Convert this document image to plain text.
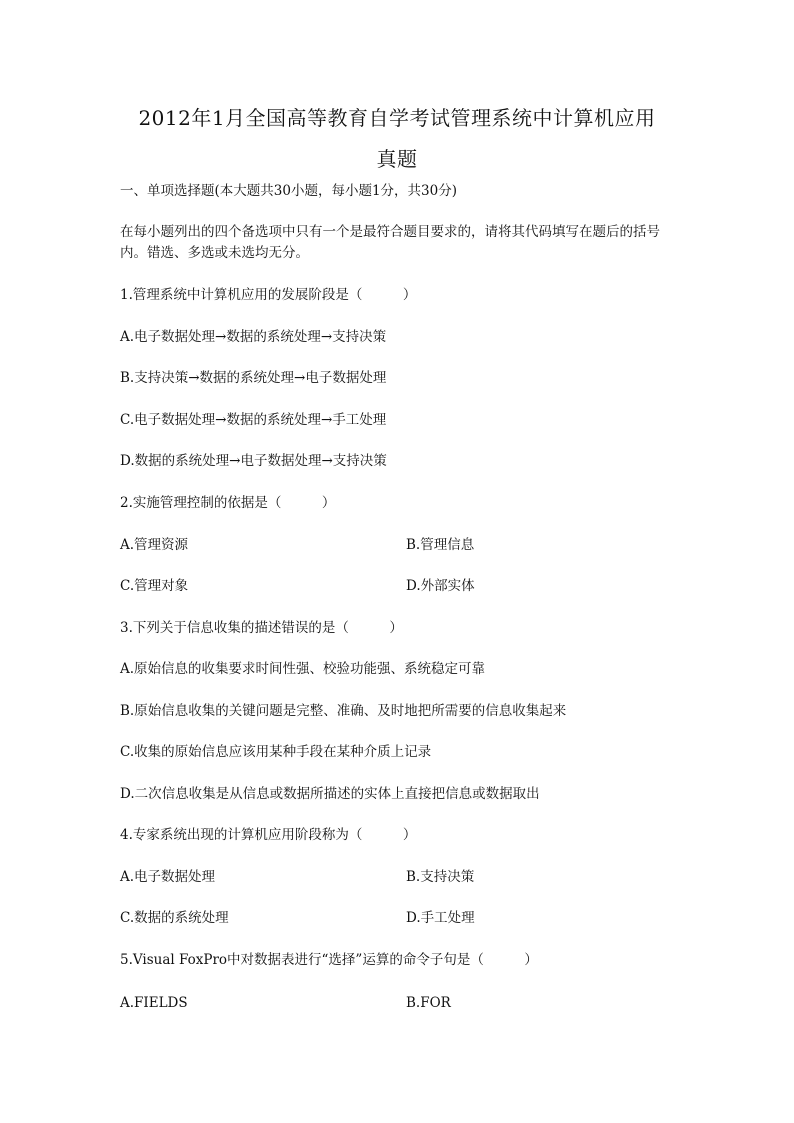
2012年1月全国高等教育自学考试管理系统中计算机应用
真题
一、单项选择题(本大题共30小题，每小题1分，共30分)
在每小题列出的四个备选项中只有一个是最符合题目要求的，请将其代码填写在题后的括号内。错选、多选或未选均无分。
1.管理系统中计算机应用的发展阶段是（　　　）
A.电子数据处理→数据的系统处理→支持决策
B.支持决策→数据的系统处理→电子数据处理
C.电子数据处理→数据的系统处理→手工处理
D.数据的系统处理→电子数据处理→支持决策
2.实施管理控制的依据是（　　　）
A.管理资源	B.管理信息
C.管理对象	D.外部实体
3.下列关于信息收集的描述错误的是（　　　）
A.原始信息的收集要求时间性强、校验功能强、系统稳定可靠
B.原始信息收集的关键问题是完整、准确、及时地把所需要的信息收集起来
C.收集的原始信息应该用某种手段在某种介质上记录
D.二次信息收集是从信息或数据所描述的实体上直接把信息或数据取出
4.专家系统出现的计算机应用阶段称为（　　　）
A.电子数据处理	B.支持决策
C.数据的系统处理	D.手工处理
5.Visual FoxPro中对数据表进行“选择”运算的命令子句是（　　　）
A.FIELDS	B.FOR
